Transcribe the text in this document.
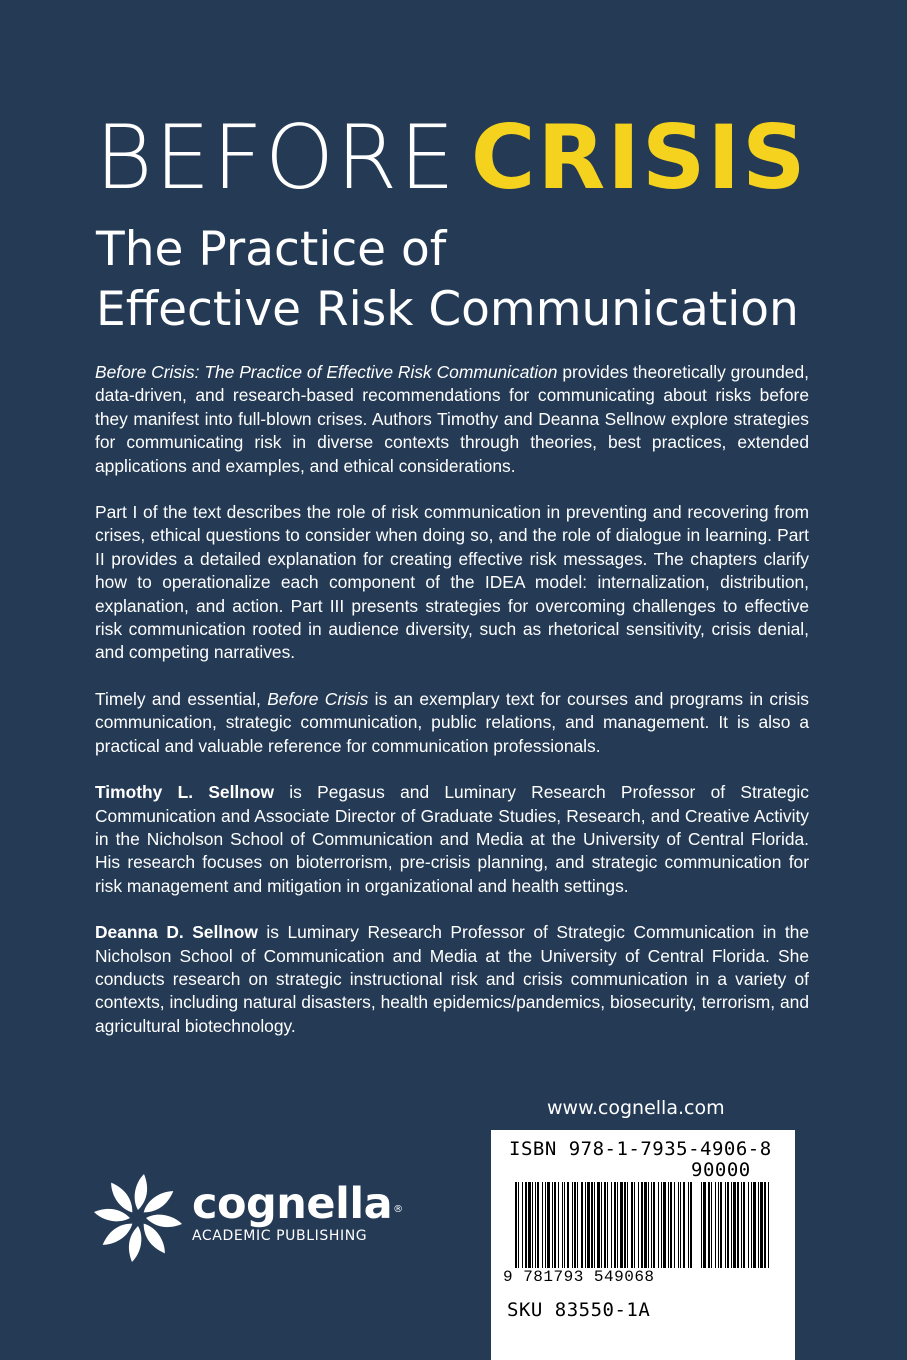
BEFORE CRISIS
The Practice of
Effective Risk Communication

Before Crisis: The Practice of Effective Risk Communication provides theoretically grounded, data-driven, and research-based recommendations for communicating about risks before they manifest into full-blown crises. Authors Timothy and Deanna Sellnow explore strategies for communicating risk in diverse contexts through theories, best practices, extended applications and examples, and ethical considerations.

Part I of the text describes the role of risk communication in preventing and recovering from crises, ethical questions to consider when doing so, and the role of dialogue in learning. Part II provides a detailed explanation for creating effective risk messages. The chapters clarify how to operationalize each component of the IDEA model: internalization, distribution, explanation, and action. Part III presents strategies for overcoming challenges to effective risk communication rooted in audience diversity, such as rhetorical sensitivity, crisis denial, and competing narratives.

Timely and essential, Before Crisis is an exemplary text for courses and programs in crisis communication, strategic communication, public relations, and management. It is also a practical and valuable reference for communication professionals.

Timothy L. Sellnow is Pegasus and Luminary Research Professor of Strategic Communication and Associate Director of Graduate Studies, Research, and Creative Activity in the Nicholson School of Communication and Media at the University of Central Florida. His research focuses on bioterrorism, pre-crisis planning, and strategic communication for risk management and mitigation in organizational and health settings.

Deanna D. Sellnow is Luminary Research Professor of Strategic Communication in the Nicholson School of Communication and Media at the University of Central Florida. She conducts research on strategic instructional risk and crisis communication in a variety of contexts, including natural disasters, health epidemics/pandemics, biosecurity, terrorism, and agricultural biotechnology.

www.cognella.com
cognella®
ACADEMIC PUBLISHING
ISBN 978-1-7935-4906-8
90000
9 781793 549068
SKU 83550-1A
